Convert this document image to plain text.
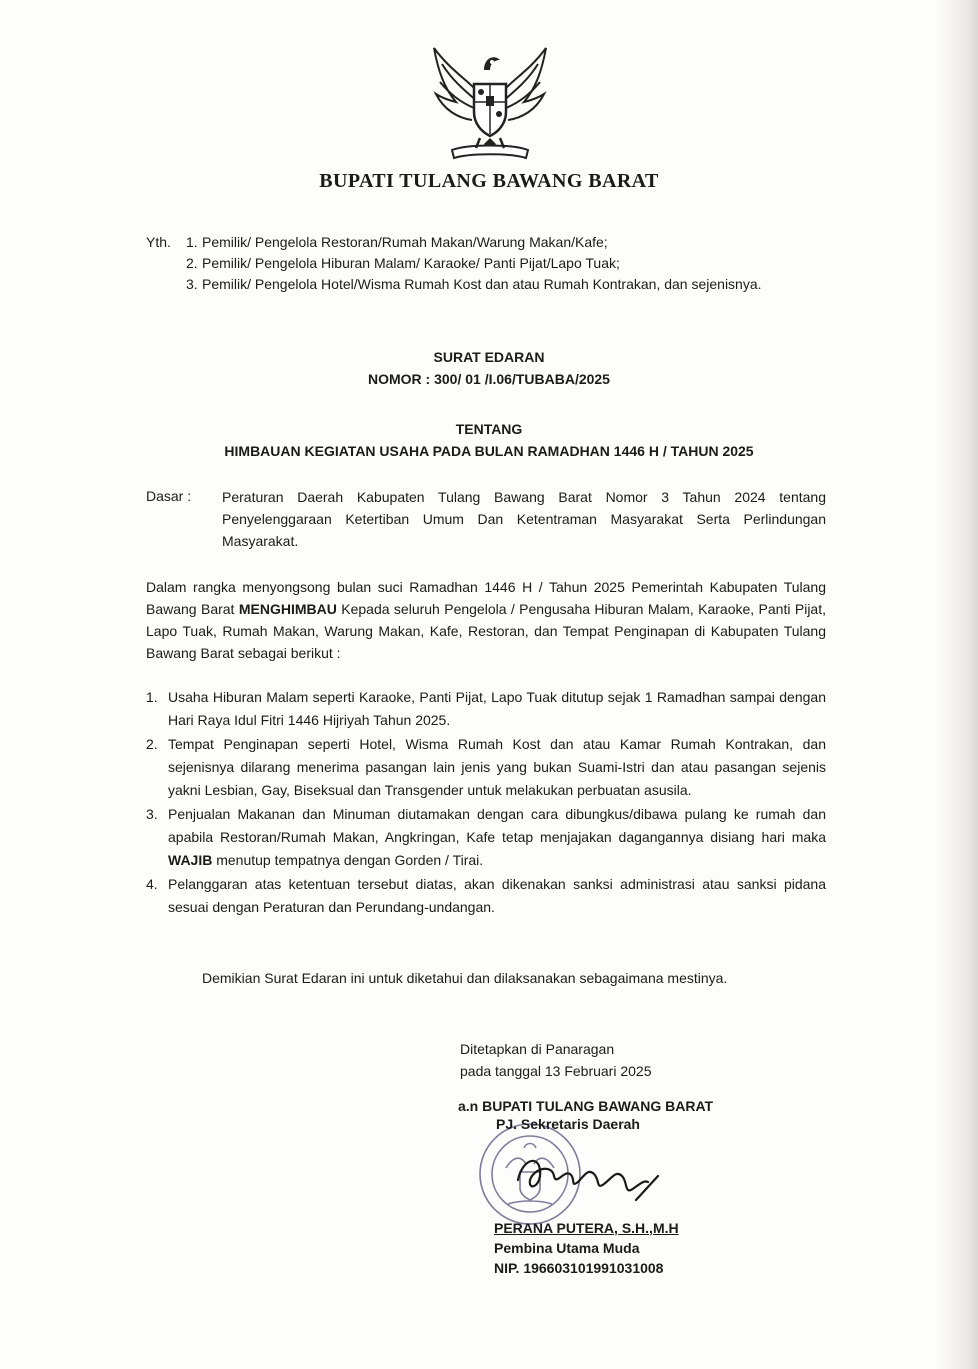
BUPATI TULANG BAWANG BARAT
Yth. 1. Pemilik/ Pengelola Restoran/Rumah Makan/Warung Makan/Kafe;
2. Pemilik/ Pengelola Hiburan Malam/ Karaoke/ Panti Pijat/Lapo Tuak;
3. Pemilik/ Pengelola Hotel/Wisma Rumah Kost dan atau Rumah Kontrakan, dan sejenisnya.
SURAT EDARAN
NOMOR : 300/ 01 /I.06/TUBABA/2025
TENTANG
HIMBAUAN KEGIATAN USAHA PADA BULAN RAMADHAN 1446 H / TAHUN 2025
Dasar : Peraturan Daerah Kabupaten Tulang Bawang Barat Nomor 3 Tahun 2024 tentang Penyelenggaraan Ketertiban Umum Dan Ketentraman Masyarakat Serta Perlindungan Masyarakat.
Dalam rangka menyongsong bulan suci Ramadhan 1446 H / Tahun 2025 Pemerintah Kabupaten Tulang Bawang Barat MENGHIMBAU Kepada seluruh Pengelola / Pengusaha Hiburan Malam, Karaoke, Panti Pijat, Lapo Tuak, Rumah Makan, Warung Makan, Kafe, Restoran, dan Tempat Penginapan di Kabupaten Tulang Bawang Barat sebagai berikut :
1. Usaha Hiburan Malam seperti Karaoke, Panti Pijat, Lapo Tuak ditutup sejak 1 Ramadhan sampai dengan Hari Raya Idul Fitri 1446 Hijriyah Tahun 2025.
2. Tempat Penginapan seperti Hotel, Wisma Rumah Kost dan atau Kamar Rumah Kontrakan, dan sejenisnya dilarang menerima pasangan lain jenis yang bukan Suami-Istri dan atau pasangan sejenis yakni Lesbian, Gay, Biseksual dan Transgender untuk melakukan perbuatan asusila.
3. Penjualan Makanan dan Minuman diutamakan dengan cara dibungkus/dibawa pulang ke rumah dan apabila Restoran/Rumah Makan, Angkringan, Kafe tetap menjajakan dagangannya disiang hari maka WAJIB menutup tempatnya dengan Gorden / Tirai.
4. Pelanggaran atas ketentuan tersebut diatas, akan dikenakan sanksi administrasi atau sanksi pidana sesuai dengan Peraturan dan Perundang-undangan.
Demikian Surat Edaran ini untuk diketahui dan dilaksanakan sebagaimana mestinya.
Ditetapkan di Panaragan
pada tanggal 13 Februari 2025
a.n BUPATI TULANG BAWANG BARAT
PJ. Sekretaris Daerah
PERANA PUTERA, S.H.,M.H
Pembina Utama Muda
NIP. 196603101991031008
